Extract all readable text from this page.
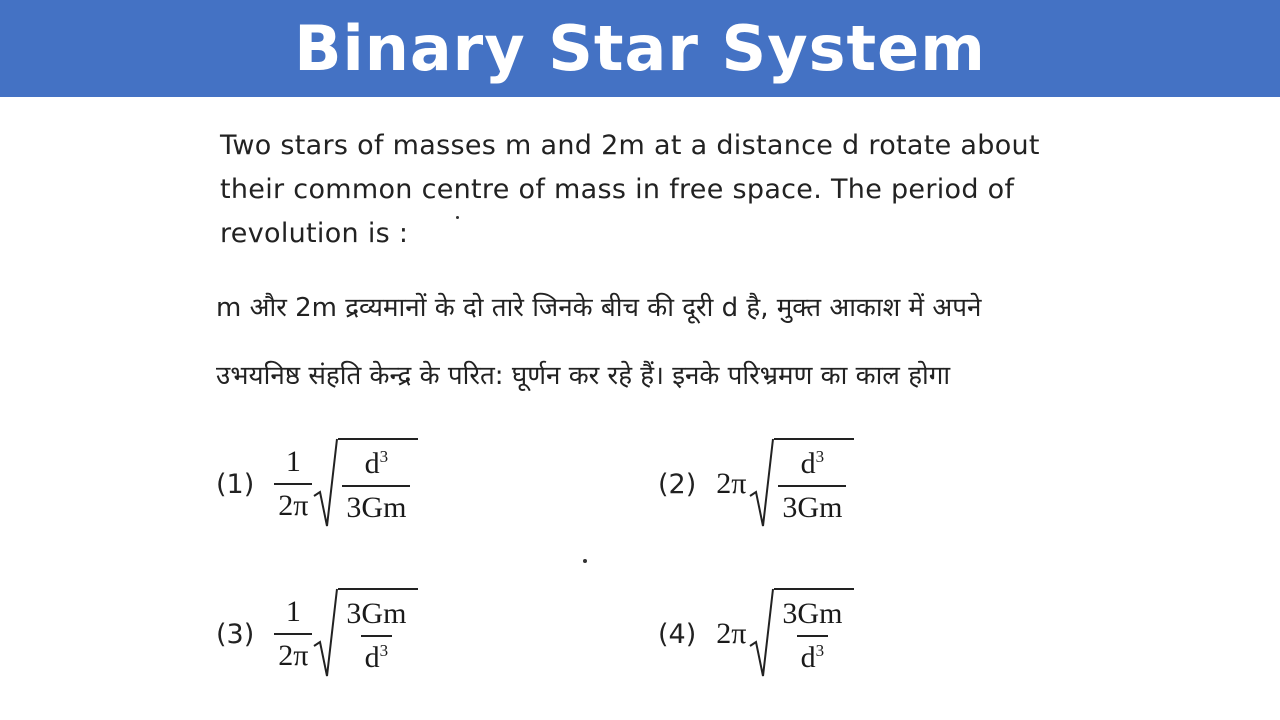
Binary Star System
Two stars of masses m and 2m at a distance d rotate about their common centre of mass in free space. The period of revolution is :
m और 2m द्रव्यमानों के दो तारे जिनके बीच की दूरी d है, मुक्त आकाश में अपने
उभयनिष्ठ संहति केन्द्र के परित: घूर्णन कर रहे हैं। इनके परिभ्रमण का काल होगा
$(1) \frac{1}{2\pi} \frac{d^3}{3Gm}$	(2) $2\pi \frac{d^3}{3Gm}$
$(3) \frac{1}{2\pi} \frac{3Gm}{d^3}$	(4) $2\pi \frac{3Gm}{d^3}$
